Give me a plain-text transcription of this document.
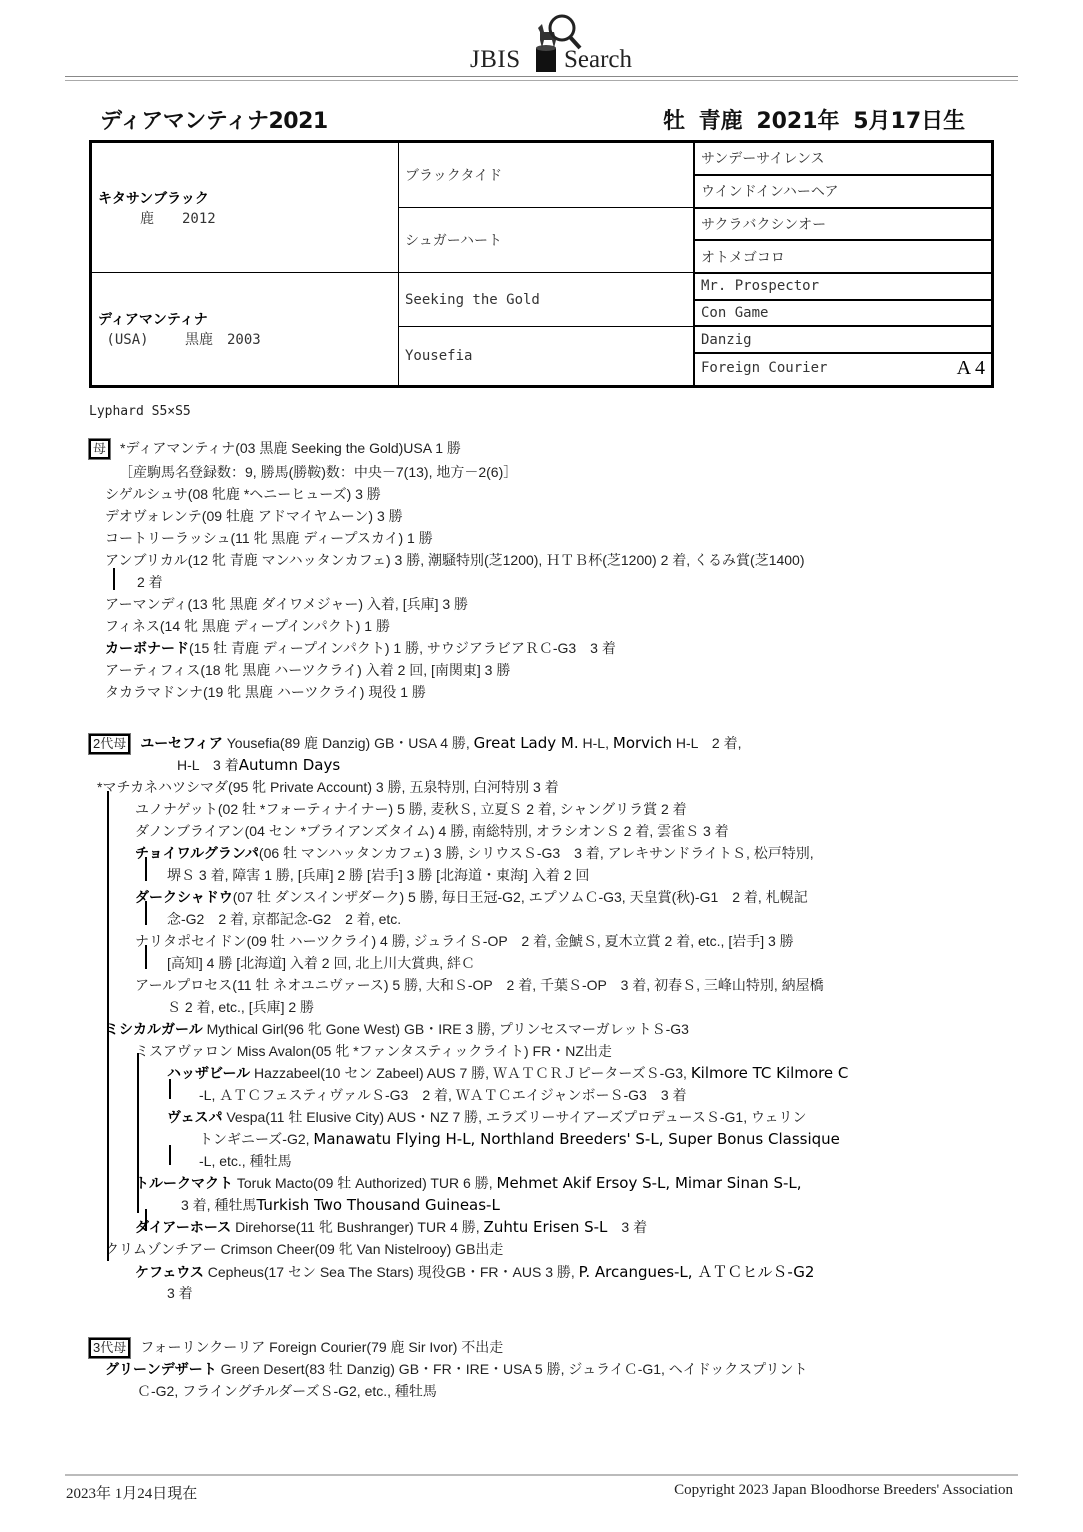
JBIS Search
ディアマンティナ2021	牡 青鹿 2021年 5月17日生
キタサンブラック
　　　鹿　　2012	ブラックタイド	サンデーサイレンス
		ウインドインハーヘア
	シュガーハート	サクラバクシンオー
		オトメゴコロ

ディアマンティナ
(USA)　　 黒鹿　2003	Seeking the Gold	Mr. Prospector
		Con Game
	Yousefia	Danzig
		Foreign Courier A 4
Lyphard S5×S5
母 *ディアマンティナ(03 黒鹿 Seeking the Gold)USA 1 勝
［産駒馬名登録数：9, 勝馬(勝鞍)数：中央－7(13), 地方－2(6)］
シゲルシュサ(08 牝鹿 *ヘニーヒューズ) 3 勝
デオヴォレンテ(09 牡鹿 アドマイヤムーン) 3 勝
コートリーラッシュ(11 牝 黒鹿 ディープスカイ) 1 勝
アンブリカル(12 牝 青鹿 マンハッタンカフェ) 3 勝, 潮騒特別(芝1200), ＨＴＢ杯(芝1200) 2 着, くるみ賞(芝1400)
2 着
アーマンディ(13 牝 黒鹿 ダイワメジャー) 入着, [兵庫] 3 勝
フィネス(14 牝 黒鹿 ディープインパクト) 1 勝
カーボナード(15 牡 青鹿 ディープインパクト) 1 勝, サウジアラビアＲＣ-G3　3 着
アーティフィス(18 牝 黒鹿 ハーツクライ) 入着 2 回, [南関東] 3 勝
タカラマドンナ(19 牝 黒鹿 ハーツクライ) 現役 1 勝
2代母 ユーセフィア Yousefia(89 鹿 Danzig) GB・USA 4 勝, Great Lady M. H-L, Morvich H-L　2 着,
H-L　3 着Autumn Days
*マチカネハツシマダ(95 牝 Private Account) 3 勝, 五泉特別, 白河特別 3 着
ユノナゲット(02 牡 *フォーティナイナー) 5 勝, 麦秋Ｓ, 立夏Ｓ 2 着, シャングリラ賞 2 着
ダノンブライアン(04 セン *ブライアンズタイム) 4 勝, 南総特別, オラシオンＳ 2 着, 雲雀Ｓ 3 着
チョイワルグランパ(06 牡 マンハッタンカフェ) 3 勝, シリウスＳ-G3　3 着, アレキサンドライトＳ, 松戸特別,
堺Ｓ 3 着, 障害 1 勝, [兵庫] 2 勝 [岩手] 3 勝 [北海道・東海] 入着 2 回
ダークシャドウ(07 牡 ダンスインザダーク) 5 勝, 毎日王冠-G2, エプソムＣ-G3, 天皇賞(秋)-G1　2 着, 札幌記
念-G2　2 着, 京都記念-G2　2 着, etc.
ナリタポセイドン(09 牡 ハーツクライ) 4 勝, ジュライＳ-OP　2 着, 金鯱Ｓ, 夏木立賞 2 着, etc., [岩手] 3 勝
[高知] 4 勝 [北海道] 入着 2 回, 北上川大賞典, 絆Ｃ
アールプロセス(11 牡 ネオユニヴァース) 5 勝, 大和Ｓ-OP　2 着, 千葉Ｓ-OP　3 着, 初春Ｓ, 三峰山特別, 納屋橋
Ｓ 2 着, etc., [兵庫] 2 勝
ミシカルガール Mythical Girl(96 牝 Gone West) GB・IRE 3 勝, プリンセスマーガレットＳ-G3
ミスアヴァロン Miss Avalon(05 牝 *ファンタスティックライト) FR・NZ出走
ハッザビール Hazzabeel(10 セン Zabeel) AUS 7 勝, ＷＡＴＣＲＪピーターズＳ-G3, Kilmore TC Kilmore C
-L, ＡＴＣフェスティヴァルＳ-G3　2 着, ＷＡＴＣエイジャンボーＳ-G3　3 着
ヴェスパ Vespa(11 牡 Elusive City) AUS・NZ 7 勝, エラズリーサイアーズプロデュースＳ-G1, ウェリン
トンギニーズ-G2, Manawatu Flying H-L, Northland Breeders' S-L, Super Bonus Classique
-L, etc., 種牡馬
トルークマクト Toruk Macto(09 牡 Authorized) TUR 6 勝, Mehmet Akif Ersoy S-L, Mimar Sinan S-L,
　3 着, 種牡馬Turkish Two Thousand Guineas-L
ダイアーホース Direhorse(11 牝 Bushranger) TUR 4 勝, Zuhtu Erisen S-L　3 着
クリムゾンチアー Crimson Cheer(09 牝 Van Nistelrooy) GB出走
ケフェウス Cepheus(17 セン Sea The Stars) 現役GB・FR・AUS 3 勝, P. Arcangues-L, ＡＴＣヒルＳ-G2
3 着
3代母 フォーリンクーリア Foreign Courier(79 鹿 Sir Ivor) 不出走
グリーンデザート Green Desert(83 牡 Danzig) GB・FR・IRE・USA 5 勝, ジュライＣ-G1, ヘイドックスプリント
Ｃ-G2, フライングチルダーズＳ-G2, etc., 種牡馬
2023年 1月24日現在	Copyright 2023 Japan Bloodhorse Breeders' Association
